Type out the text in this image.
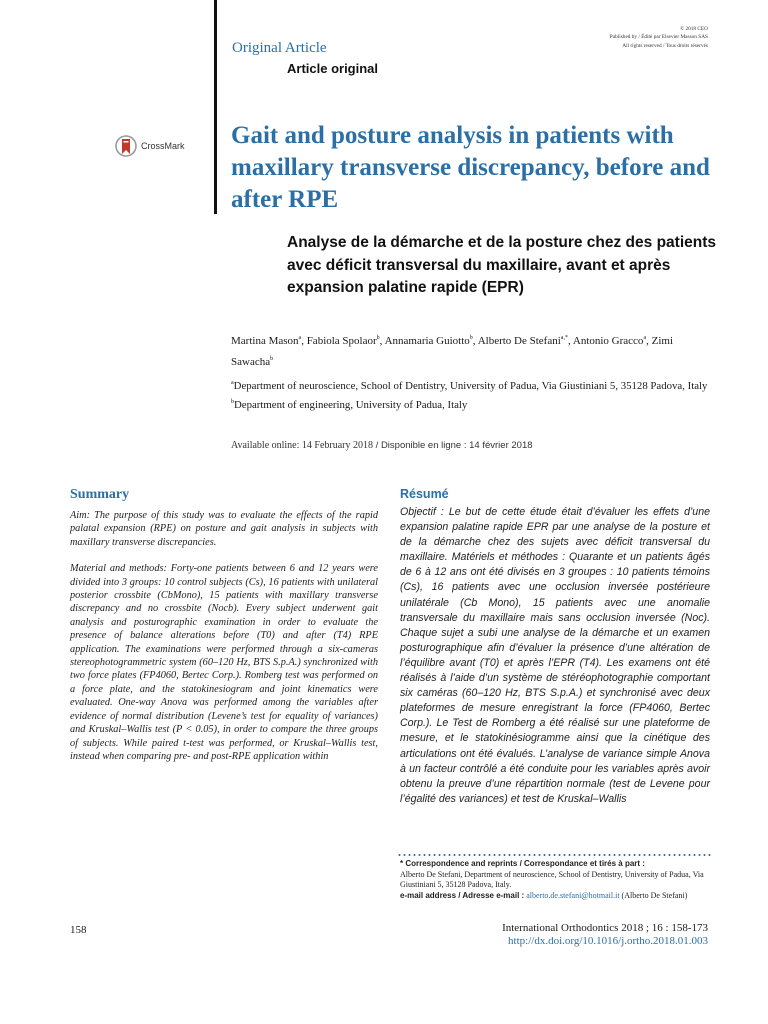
© 2018 CEO
Published by / Édité par Elsevier Masson SAS
All rights reserved / Tous droits réservés
Original Article
Article original
CrossMark Gait and posture analysis in patients with maxillary transverse discrepancy, before and after RPE
Analyse de la démarche et de la posture chez des patients avec déficit transversal du maxillaire, avant et après expansion palatine rapide (EPR)
Martina Mason$^a$, Fabiola Spolaor$^b$, Annamaria Guiotto$^b$, Alberto De Stefani$^{a,*}$, Antonio Gracco$^a$, Zimi Sawacha$^b$
$^a$Department of neuroscience, School of Dentistry, University of Padua, Via Giustiniani 5, 35128 Padova, Italy
$^b$Department of engineering, University of Padua, Italy
Available online: 14 February 2018 / Disponible en ligne : 14 février 2018
Summary

Aim: The purpose of this study was to evaluate the effects of the rapid palatal expansion (RPE) on posture and gait analysis in subjects with maxillary transverse discrepancies.

Material and methods: Forty-one patients between 6 and 12 years were divided into 3 groups: 10 control subjects (Cs), 16 patients with unilateral posterior crossbite (CbMono), 15 patients with maxillary transverse discrepancy and no crossbite (Nocb). Every subject underwent gait analysis and posturographic examination in order to evaluate the presence of balance alterations before (T0) and after (T4) RPE application. The examinations were performed through a six-cameras stereophotogrammetric system (60–120 Hz, BTS S.p.A.) synchronized with two force plates (FP4060, Bertec Corp.). Romberg test was performed on a force plate, and the statokinesiogram and joint kinematics were evaluated. One-way Anova was performed among the variables after evidence of normal distribution (Levene’s test for equality of variances) and Kruskal–Wallis test (P < 0.05), in order to compare the three groups of subjects. While paired t-test was performed, or Kruskal–Wallis test, instead when comparing pre- and post-RPE application within

Résumé

Objectif : Le but de cette étude était d’évaluer les effets d’une expansion palatine rapide EPR par une analyse de la posture et de la démarche chez des sujets avec déficit transversal du maxillaire. Matériels et méthodes : Quarante et un patients âgés de 6 à 12 ans ont été divisés en 3 groupes : 10 patients témoins (Cs), 16 patients avec une occlusion inversée postérieure unilatérale (Cb Mono), 15 patients avec une anomalie transversale du maxillaire mais sans occlusion inversée (Noc). Chaque sujet a subi une analyse de la démarche et un examen posturographique afin d’évaluer la présence d’une altération de l’équilibre avant (T0) et après l’EPR (T4). Les examens ont été réalisés à l’aide d’un système de stéréophotographie comportant six caméras (60–120 Hz, BTS S.p.A.) et synchronisé avec deux plateformes de mesure enregistrant la force (FP4060, Bertec Corp.). Le Test de Romberg a été réalisé sur une plateforme de mesure, et le statokinésiogramme ainsi que la cinétique des articulations ont été évalués. L’analyse de variance simple Anova à un facteur contrôlé a été conduite pour les variables après avoir obtenu la preuve d’une répartition normale (test de Levene pour l’égalité des variances) et test de Kruskal–Wallis

* Correspondence and reprints / Correspondance et tirés à part :
Alberto De Stefani, Department of neuroscience, School of Dentistry, University of Padua, Via Giustiniani 5, 35128 Padova, Italy.
e-mail address / Adresse e-mail : alberto.de.stefani@hotmail.it (Alberto De Stefani)
158	International Orthodontics 2018 ; 16 : 158-173
http://dx.doi.org/10.1016/j.ortho.2018.01.003
